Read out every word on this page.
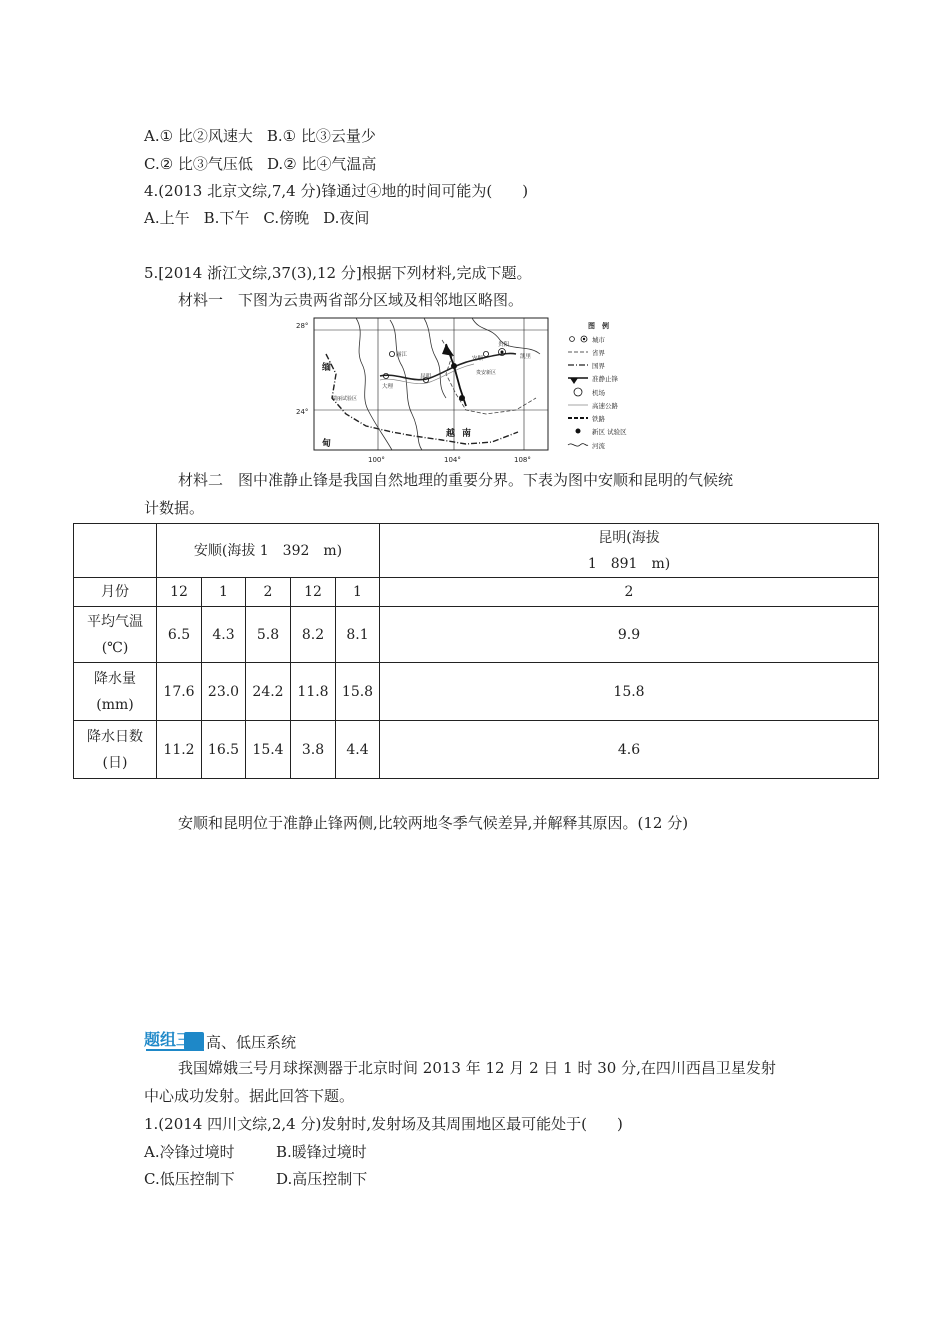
A.① 比②风速大 B.① 比③云量少
C.② 比③气压低 D.② 比④气温高
4.(2013 北京文综,7,4 分)锋通过④地的时间可能为(　　)
A.上午 B.下午 C.傍晚 D.夜间
5.[2014 浙江文综,37(3),12 分]根据下列材料,完成下题。
材料一　下图为云贵两省部分区域及相邻地区略图。
28°
24°
100°	104°	108°
丽江
大理
昆明
安顺
贵阳
凯里
贵安新区
瑞丽试验区
缅
甸
越 南
图　例
城市
省界
国界
准静止锋
机场
高速公路
铁路
新区 试验区
河流
材料二　图中准静止锋是我国自然地理的重要分界。下表为图中安顺和昆明的气候统
计数据。
	安顺(海拔 1　392　m)					昆明(海拔
1　891　m)

月份	12	1	2	12	1	2

平均气温
(℃)	6.5	4.3	5.8	8.2	8.1	9.9

降水量
(mm)	17.6	23.0	24.2	11.8	15.8	15.8

降水日数
(日)	11.2	16.5	15.4	3.8	4.4	4.6
安顺和昆明位于准静止锋两侧,比较两地冬季气候差异,并解释其原因。(12 分)
题组三 高、低压系统
我国嫦娥三号月球探测器于北京时间 2013 年 12 月 2 日 1 时 30 分,在四川西昌卫星发射
中心成功发射。据此回答下题。
1.(2014 四川文综,2,4 分)发射时,发射场及其周围地区最可能处于(　　)
A.冷锋过境时	B.暖锋过境时
C.低压控制下	D.高压控制下
